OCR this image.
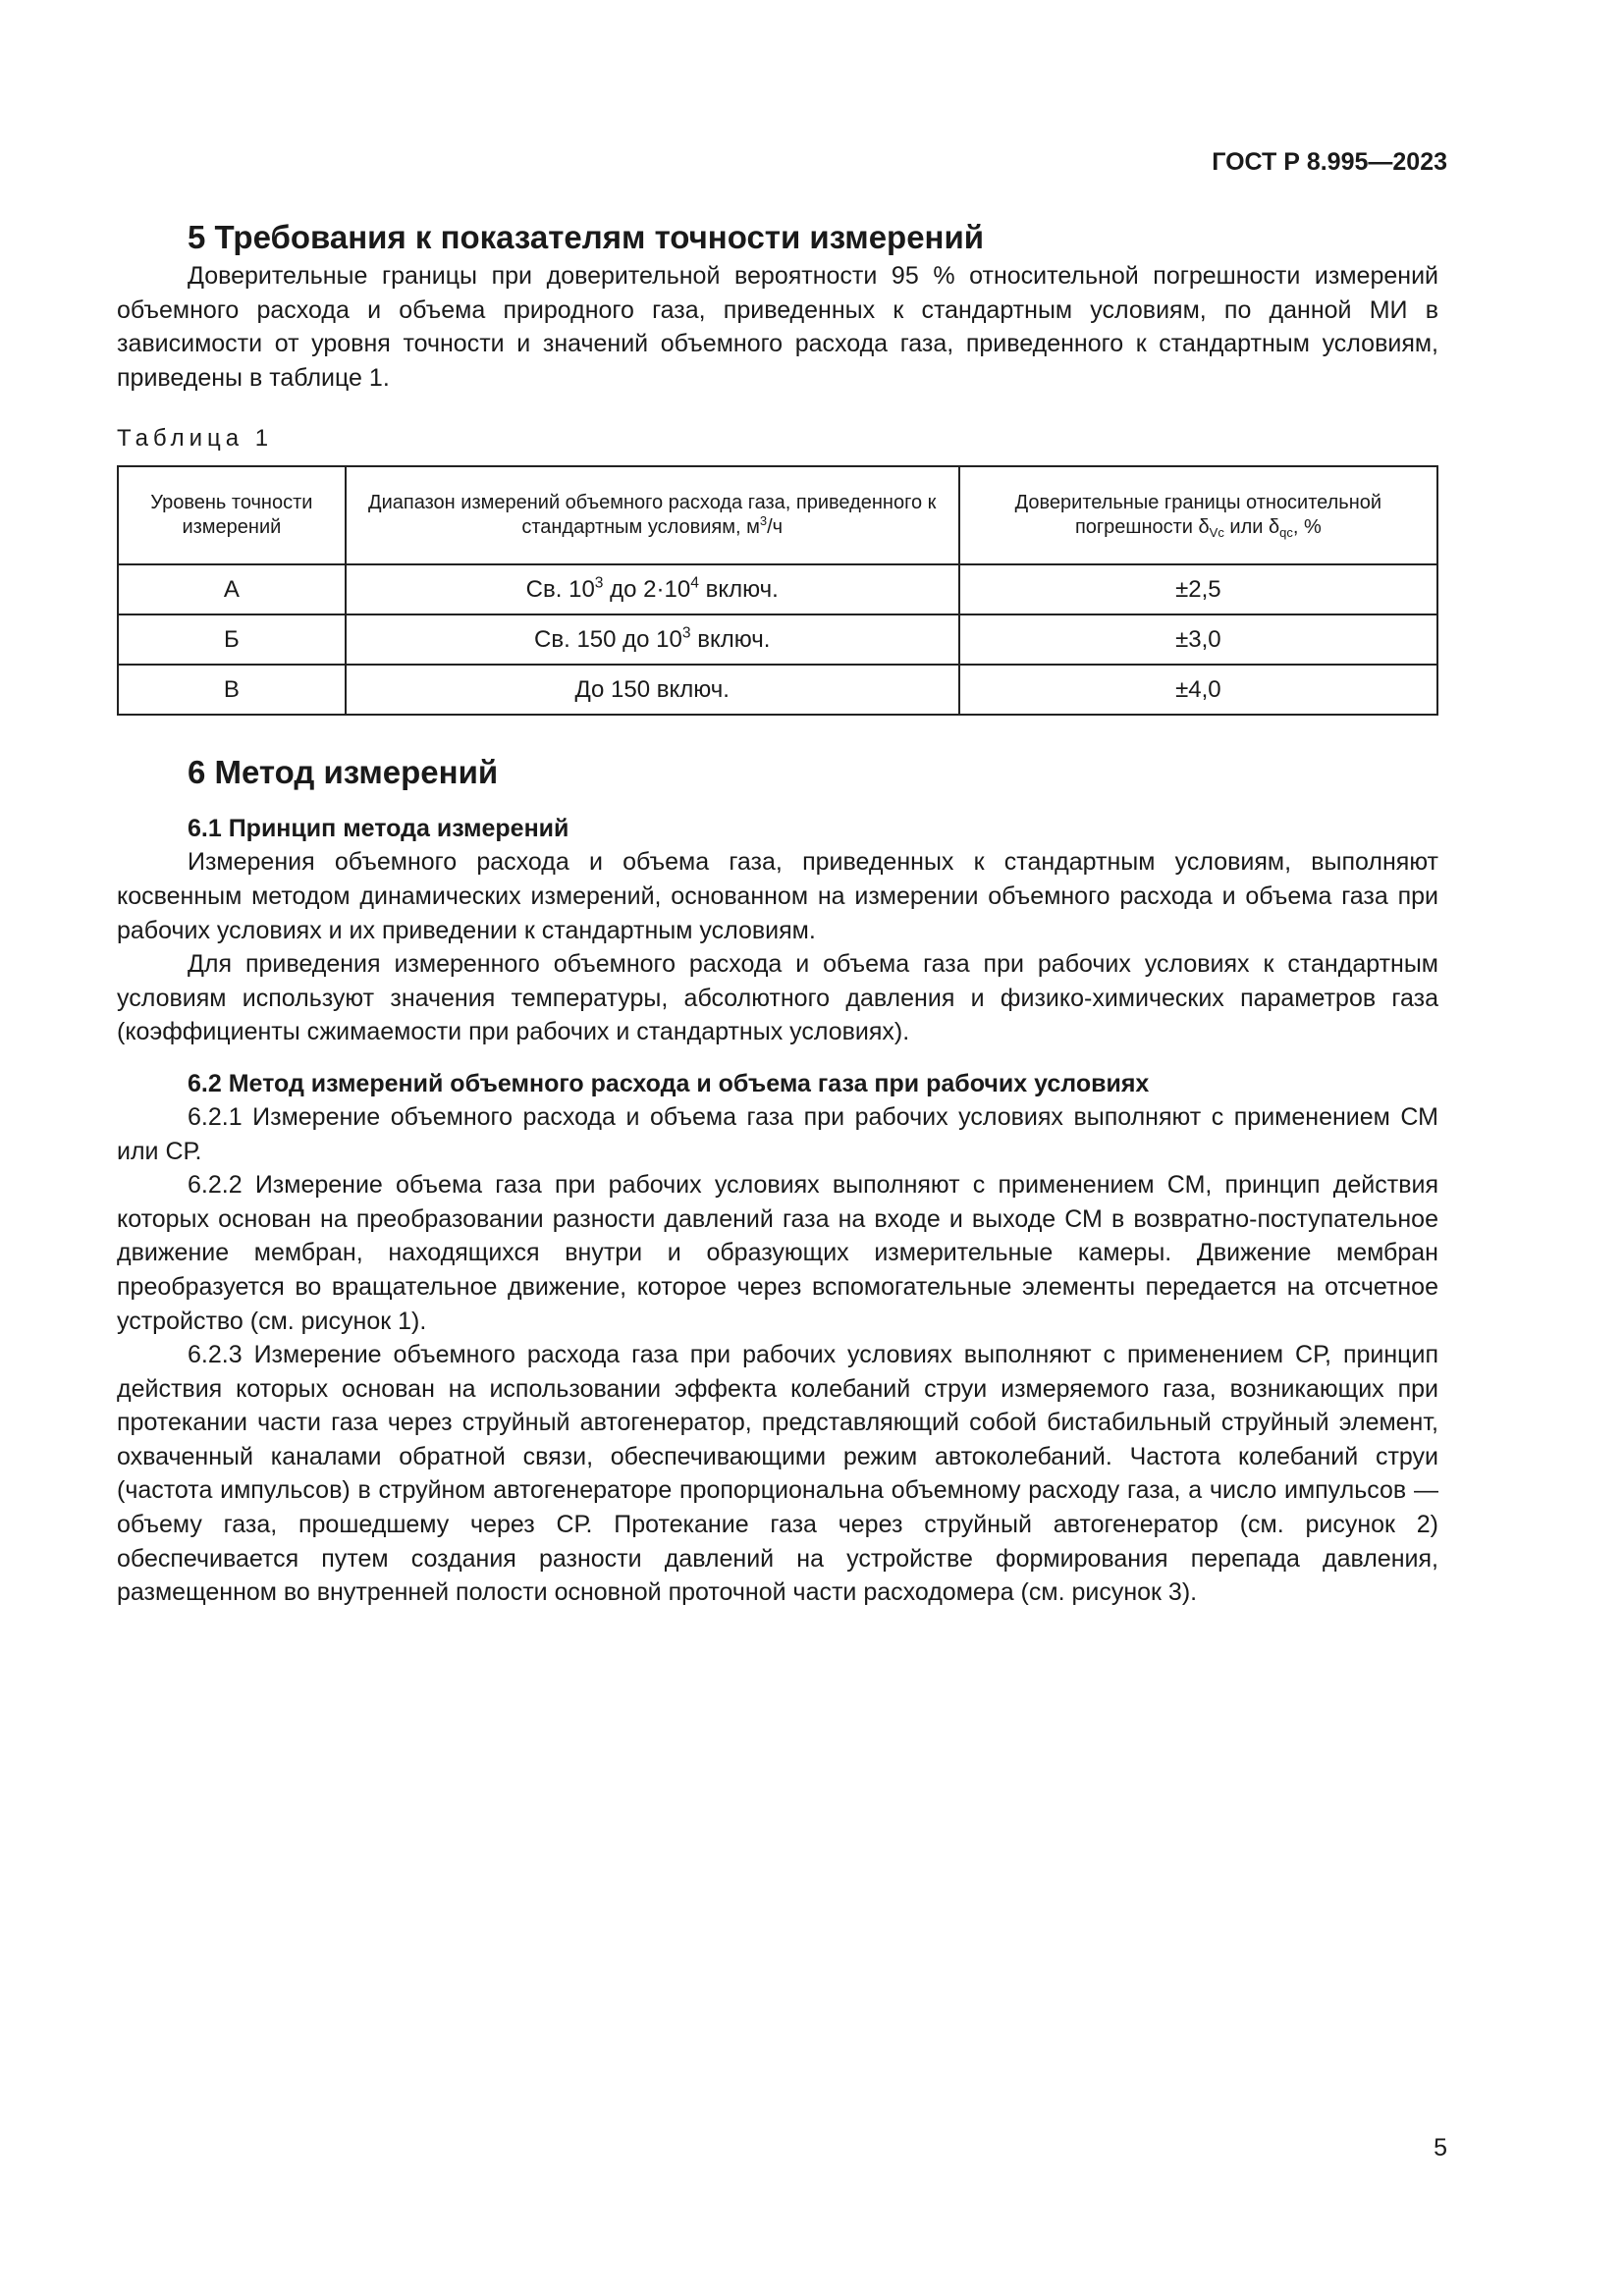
ГОСТ Р 8.995—2023
5 Требования к показателям точности измерений

Доверительные границы при доверительной вероятности 95 % относительной погрешности измерений объемного расхода и объема природного газа, приведенных к стандартным условиям, по данной МИ в зависимости от уровня точности и значений объемного расхода газа, приведенного к стандартным условиям, приведены в таблице 1.

Таблица 1
Уровень точности измерений	Диапазон измерений объемного расхода газа, приведенного к стандартным условиям, $м^3/ч$	Доверительные границы относительной погрешности $\delta_{Vc}$ или $\delta_{qc}$, %
А	Св. $10^3$ до $2\cdot 10^4$ включ.	±2,5
Б	Св. 150 до $10^3$ включ.	±3,0
В	До 150 включ.	±4,0
6 Метод измерений
6.1 Принцип метода измерений

Измерения объемного расхода и объема газа, приведенных к стандартным условиям, выполняют косвенным методом динамических измерений, основанном на измерении объемного расхода и объема газа при рабочих условиях и их приведении к стандартным условиям.

Для приведения измеренного объемного расхода и объема газа при рабочих условиях к стандартным условиям используют значения температуры, абсолютного давления и физико-химических параметров газа (коэффициенты сжимаемости при рабочих и стандартных условиях).

6.2 Метод измерений объемного расхода и объема газа при рабочих условиях

6.2.1 Измерение объемного расхода и объема газа при рабочих условиях выполняют с применением СМ или СР.

6.2.2 Измерение объема газа при рабочих условиях выполняют с применением СМ, принцип действия которых основан на преобразовании разности давлений газа на входе и выходе СМ в возвратно-поступательное движение мембран, находящихся внутри и образующих измерительные камеры. Движение мембран преобразуется во вращательное движение, которое через вспомогательные элементы передается на отсчетное устройство (см. рисунок 1).

6.2.3 Измерение объемного расхода газа при рабочих условиях выполняют с применением СР, принцип действия которых основан на использовании эффекта колебаний струи измеряемого газа, возникающих при протекании части газа через струйный автогенератор, представляющий собой бистабильный струйный элемент, охваченный каналами обратной связи, обеспечивающими режим автоколебаний. Частота колебаний струи (частота импульсов) в струйном автогенераторе пропорциональна объемному расходу газа, а число импульсов — объему газа, прошедшему через СР. Протекание газа через струйный автогенератор (см. рисунок 2) обеспечивается путем создания разности давлений на устройстве формирования перепада давления, размещенном во внутренней полости основной проточной части расходомера (см. рисунок 3).

5
